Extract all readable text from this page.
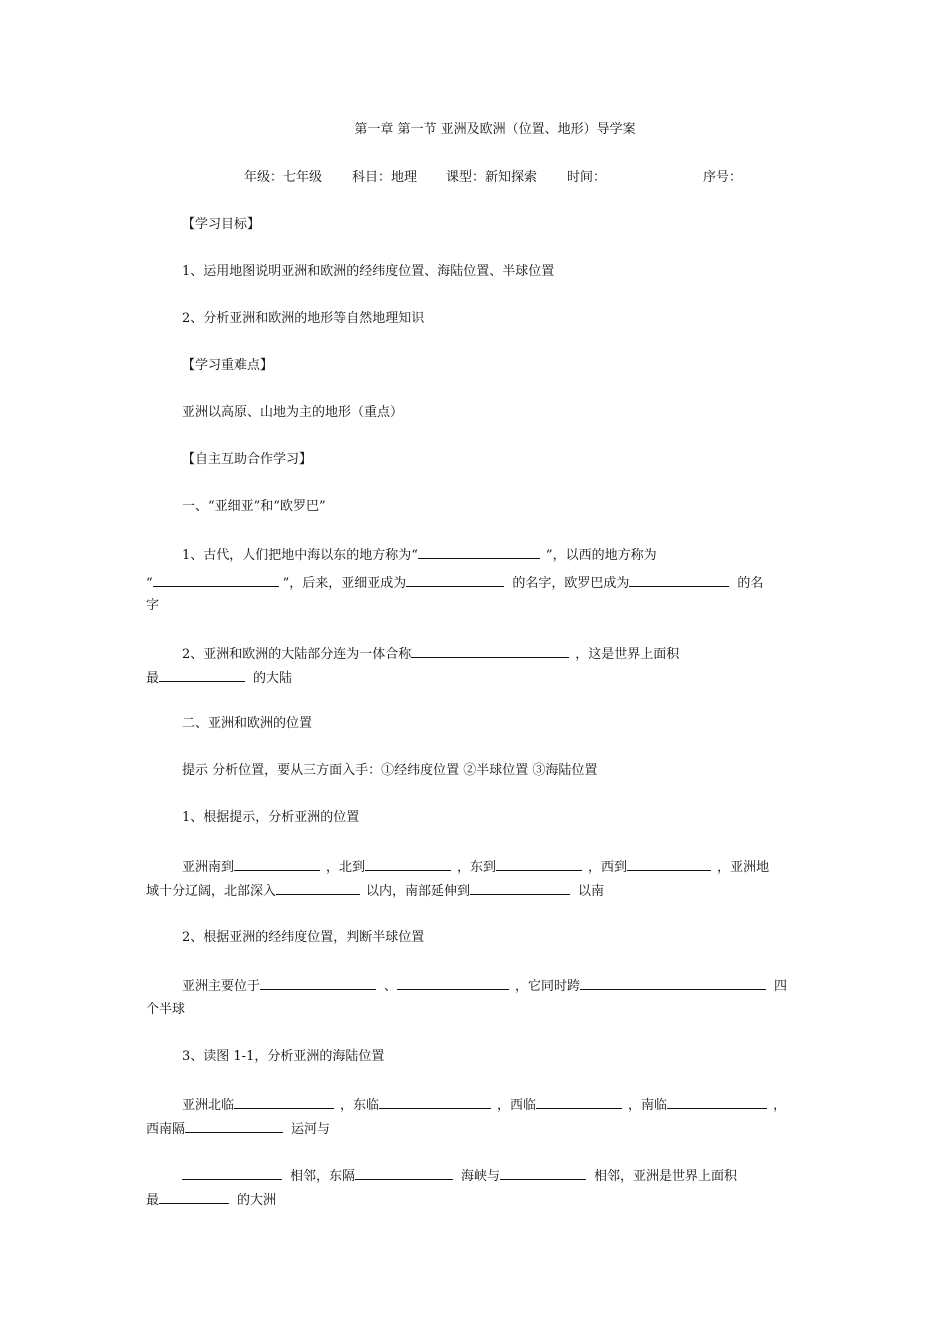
第一章 第一节 亚洲及欧洲（位置、地形）导学案
年级：七年级 科目：地理 课型：新知探索 时间：	序号：
【学习目标】
1、运用地图说明亚洲和欧洲的经纬度位置、海陆位置、半球位置
2、分析亚洲和欧洲的地形等自然地理知识
【学习重难点】
亚洲以高原、山地为主的地形（重点）
【自主互助合作学习】
一、“亚细亚”和“欧罗巴”
1、古代，人们把地中海以东的地方称为“	”，以西的地方称为
“	”，后来，亚细亚成为	的名字，欧罗巴成为	的名
字
2、亚洲和欧洲的大陆部分连为一体合称	，这是世界上面积
最	的大陆
二、亚洲和欧洲的位置
提示 分析位置，要从三方面入手：①经纬度位置 ②半球位置 ③海陆位置
1、根据提示，分析亚洲的位置
亚洲南到	，北到	，东到	，西到	，亚洲地
域十分辽阔，北部深入	以内，南部延伸到	以南
2、根据亚洲的经纬度位置，判断半球位置
亚洲主要位于	、	，它同时跨	四
个半球
3、读图 1-1，分析亚洲的海陆位置
亚洲北临	，东临	，西临	，南临	，
西南隔	运河与
相邻，东隔	海峡与	相邻，亚洲是世界上面积
最	的大洲
